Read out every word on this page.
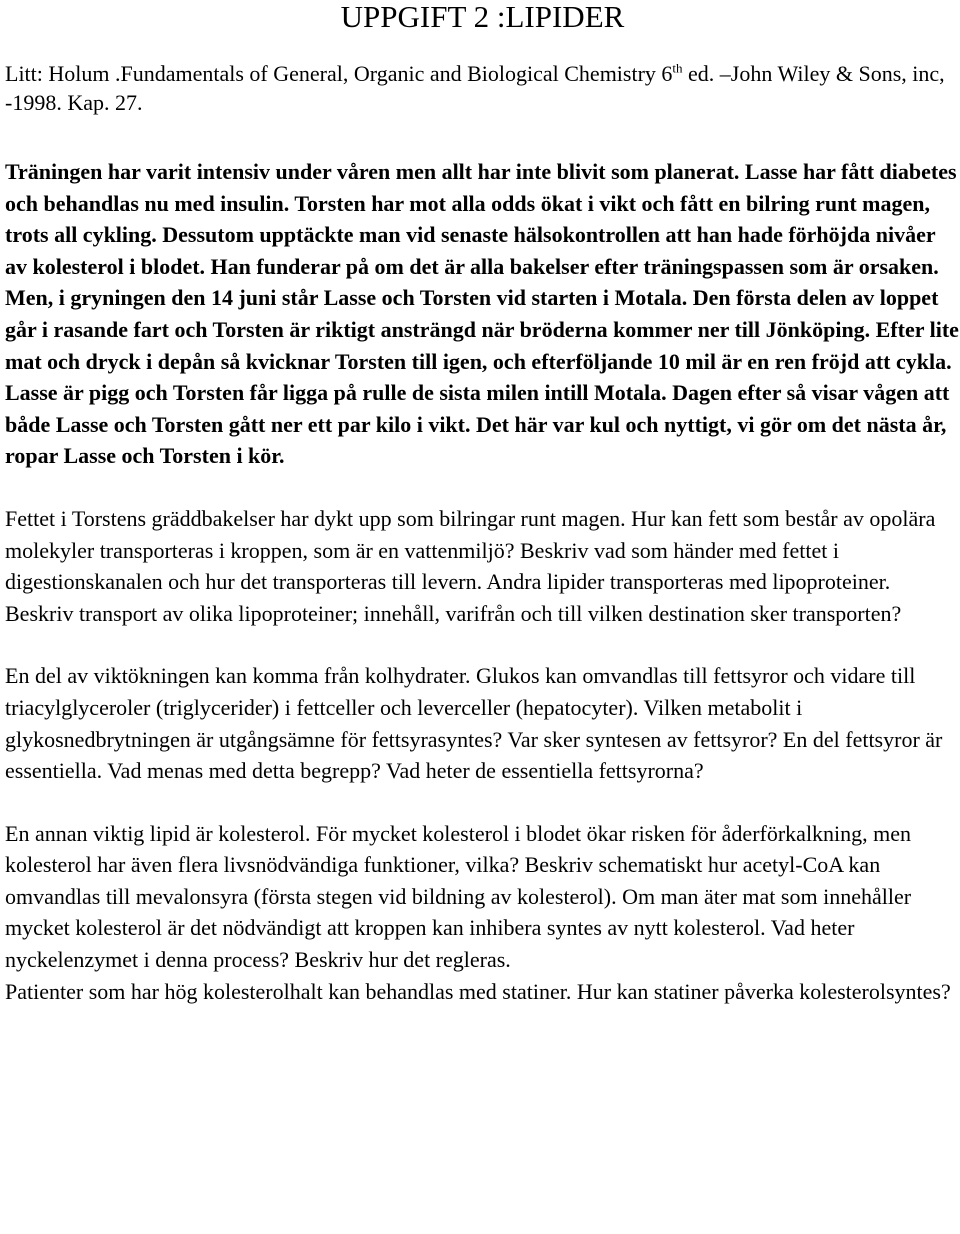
UPPGIFT 2 :LIPIDER

Litt: Holum .Fundamentals of General, Organic and Biological Chemistry 6th ed. –John Wiley & Sons, inc, -1998. Kap. 27.

Träningen har varit intensiv under våren men allt har inte blivit som planerat. Lasse har fått diabetes och behandlas nu med insulin. Torsten har mot alla odds ökat i vikt och fått en bilring runt magen, trots all cykling. Dessutom upptäckte man vid senaste hälsokontrollen att han hade förhöjda nivåer av kolesterol i blodet. Han funderar på om det är alla bakelser efter träningspassen som är orsaken. Men, i gryningen den 14 juni står Lasse och Torsten vid starten i Motala. Den första delen av loppet går i rasande fart och Torsten är riktigt ansträngd när bröderna kommer ner till Jönköping. Efter lite mat och dryck i depån så kvicknar Torsten till igen, och efterföljande 10 mil är en ren fröjd att cykla. Lasse är pigg och Torsten får ligga på rulle de sista milen intill Motala. Dagen efter så visar vågen att både Lasse och Torsten gått ner ett par kilo i vikt. Det här var kul och nyttigt, vi gör om det nästa år, ropar Lasse och Torsten i kör.

Fettet i Torstens gräddbakelser har dykt upp som bilringar runt magen. Hur kan fett som består av opolära molekyler transporteras i kroppen, som är en vattenmiljö? Beskriv vad som händer med fettet i digestionskanalen och hur det transporteras till levern. Andra lipider transporteras med lipoproteiner. Beskriv transport av olika lipoproteiner; innehåll, varifrån och till vilken destination sker transporten?

En del av viktökningen kan komma från kolhydrater. Glukos kan omvandlas till fettsyror och vidare till triacylglyceroler (triglycerider) i fettceller och leverceller (hepatocyter). Vilken metabolit i glykosnedbrytningen är utgångsämne för fettsyrasyntes? Var sker syntesen av fettsyror? En del fettsyror är essentiella. Vad menas med detta begrepp? Vad heter de essentiella fettsyrorna?

En annan viktig lipid är kolesterol. För mycket kolesterol i blodet ökar risken för åderförkalkning, men kolesterol har även flera livsnödvändiga funktioner, vilka? Beskriv schematiskt hur acetyl-CoA kan omvandlas till mevalonsyra (första stegen vid bildning av kolesterol). Om man äter mat som innehåller mycket kolesterol är det nödvändigt att kroppen kan inhibera syntes av nytt kolesterol. Vad heter nyckelenzymet i denna process? Beskriv hur det regleras.

Patienter som har hög kolesterolhalt kan behandlas med statiner. Hur kan statiner påverka kolesterolsyntes?
